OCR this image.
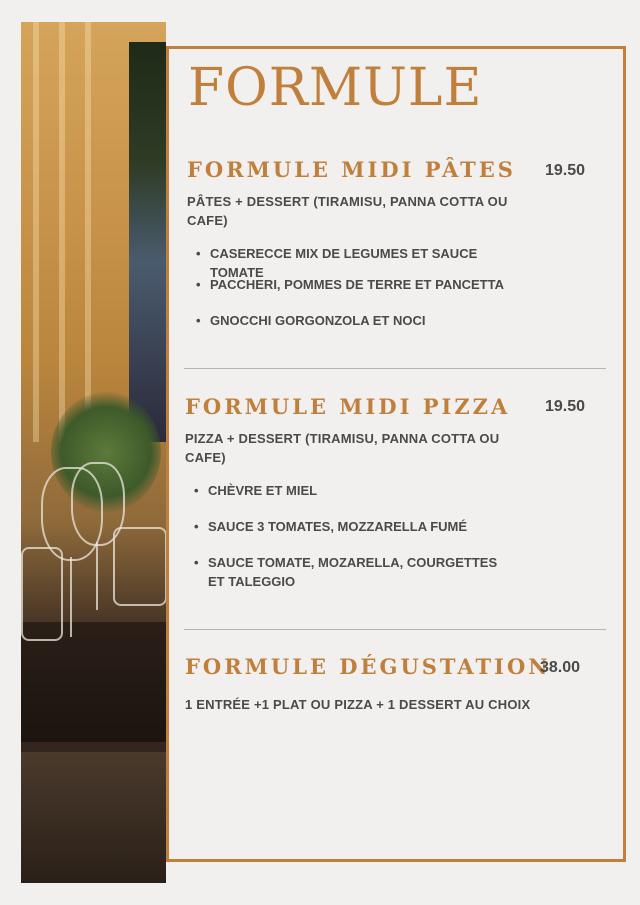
FORMULE
FORMULE MIDI PÂTES 19.50
PÂTES + DESSERT (TIRAMISU, PANNA COTTA OU CAFE)
• CASERECCE MIX DE LEGUMES ET SAUCE TOMATE
• PACCHERI, POMMES DE TERRE ET PANCETTA
• GNOCCHI GORGONZOLA ET NOCI
FORMULE MIDI PIZZA 19.50
PIZZA + DESSERT (TIRAMISU, PANNA COTTA OU CAFE)
• CHÈVRE ET MIEL
• SAUCE 3 TOMATES, MOZZARELLA FUMÉ
• SAUCE TOMATE, MOZARELLA, COURGETTES ET TALEGGIO
FORMULE DÉGUSTATION
38.00
1 ENTRÉE +1 PLAT OU PIZZA + 1 DESSERT AU CHOIX
